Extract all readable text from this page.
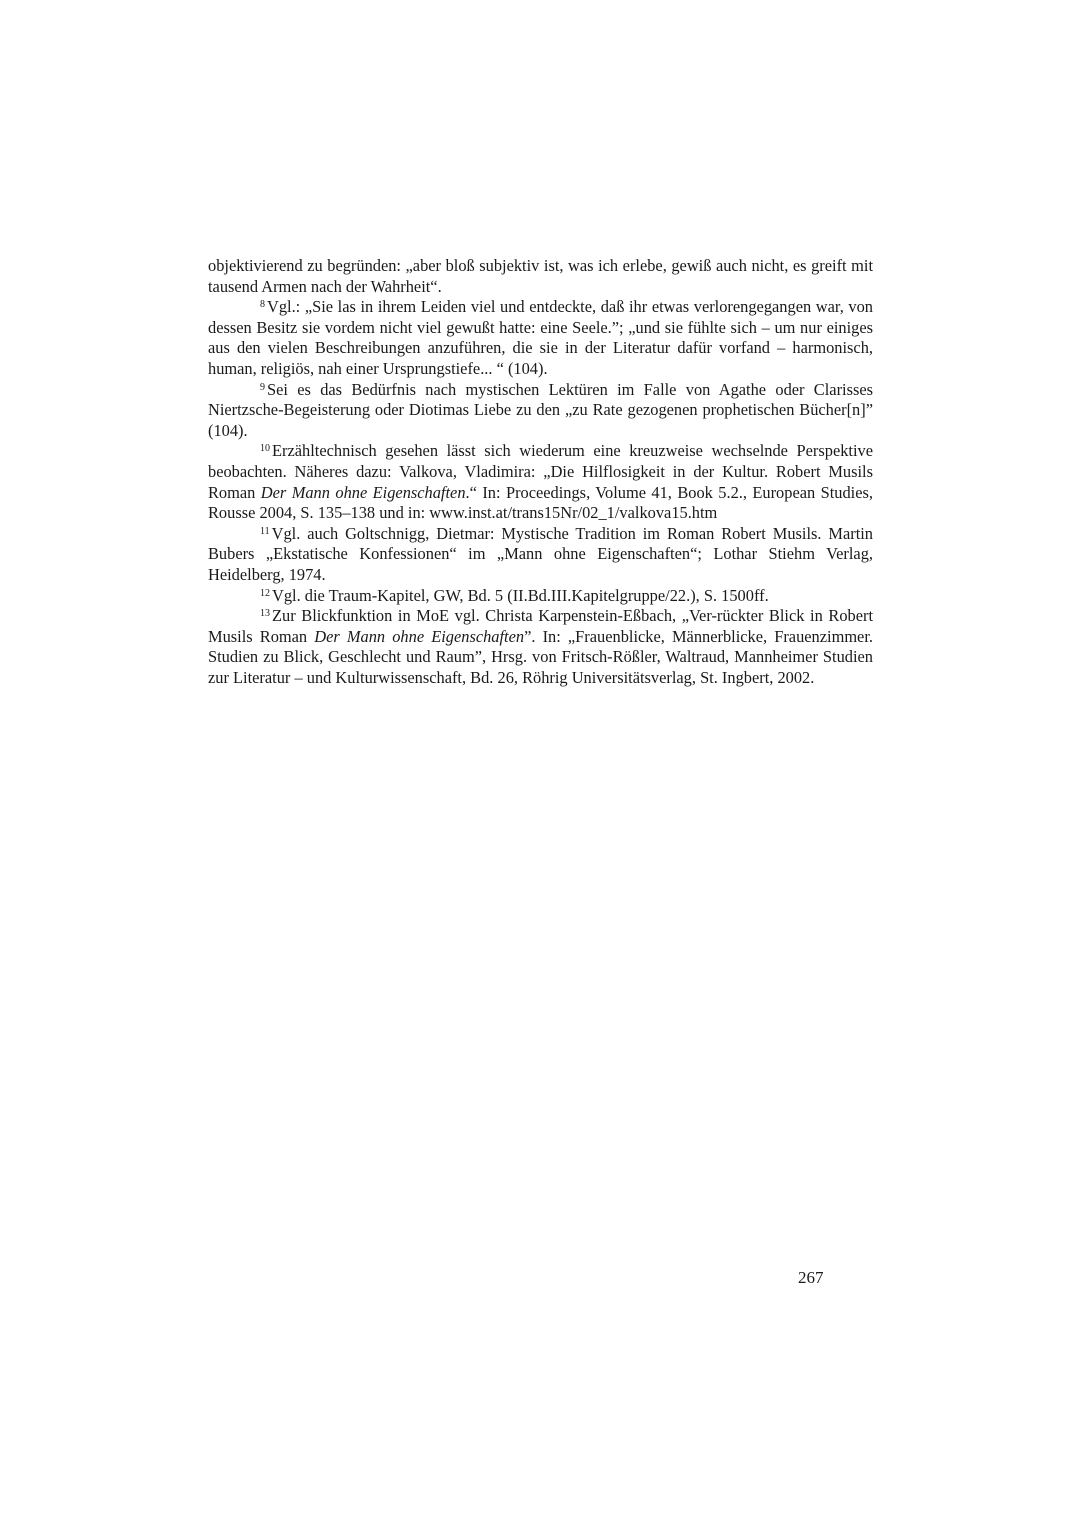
objektivierend zu begründen: „aber bloß subjektiv ist, was ich erlebe, gewiß auch nicht, es greift mit tausend Armen nach der Wahrheit“.

$^8$ Vgl.: „Sie las in ihrem Leiden viel und entdeckte, daß ihr etwas verlorengegangen war, von dessen Besitz sie vordem nicht viel gewußt hatte: eine Seele.”; „und sie fühlte sich – um nur einiges aus den vielen Beschreibungen anzuführen, die sie in der Literatur dafür vorfand – harmonisch, human, religiös, nah einer Ursprungstiefe... “ (104).

$^9$ Sei es das Bedürfnis nach mystischen Lektüren im Falle von Agathe oder Clarisses Niertzsche-Begeisterung oder Diotimas Liebe zu den „zu Rate gezogenen prophetischen Bücher[n]” (104).

$^{10}$ Erzähltechnisch gesehen lässt sich wiederum eine kreuzweise wechselnde Perspektive beobachten. Näheres dazu: Valkova, Vladimira: „Die Hilflosigkeit in der Kultur. Robert Musils Roman Der Mann ohne Eigenschaften.“ In: Proceedings, Volume 41, Book 5.2., European Studies, Rousse 2004, S. 135–138 und in: www.inst.at/trans15Nr/02_1/valkova15.htm

$^{11}$ Vgl. auch Goltschnigg, Dietmar: Mystische Tradition im Roman Robert Musils. Martin Bubers „Ekstatische Konfessionen“ im „Mann ohne Eigenschaften“; Lothar Stiehm Verlag, Heidelberg, 1974.

$^{12}$ Vgl. die Traum-Kapitel, GW, Bd. 5 (II.Bd.III.Kapitelgruppe/22.), S. 1500ff.

$^{13}$ Zur Blickfunktion in MoE vgl. Christa Karpenstein-Eßbach, „Ver-rückter Blick in Robert Musils Roman Der Mann ohne Eigenschaften”. In: „Frauenblicke, Männerblicke, Frauenzimmer. Studien zu Blick, Geschlecht und Raum”, Hrsg. von Fritsch-Rößler, Waltraud, Mannheimer Studien zur Literatur – und Kulturwissenschaft, Bd. 26, Röhrig Universitätsverlag, St. Ingbert, 2002.

267
